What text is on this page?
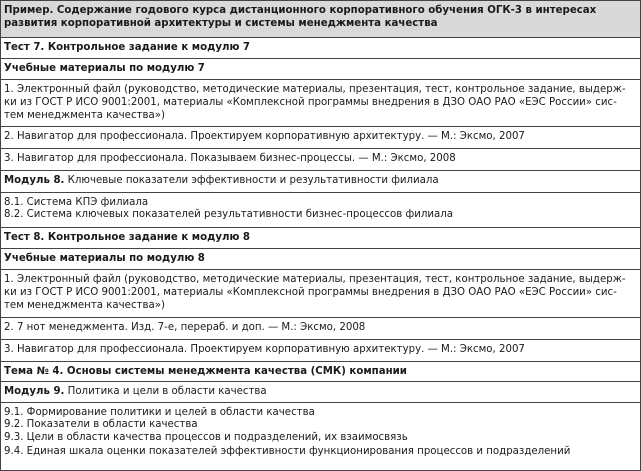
Пример. Содержание годового курса дистанционного корпоративного обучения ОГК-3 в интересах развития корпоративной архитектуры и системы менеджмента качества
Тест 7. Контрольное задание к модулю 7
Учебные материалы по модулю 7
1. Электронный файл (руководство, методические материалы, презентация, тест, контрольное задание, выдерж-ки из ГОСТ Р ИСО 9001:2001, материалы «Комплексной программы внедрения в ДЗО ОАО РАО «ЕЭС России» сис-тем менеджмента качества»)
2. Навигатор для профессионала. Проектируем корпоративную архитектуру. — М.: Эксмо, 2007
3. Навигатор для профессионала. Показываем бизнес-процессы. — М.: Эксмо, 2008
Модуль 8. Ключевые показатели эффективности и результативности филиала
8.1. Система КПЭ филиала
8.2. Система ключевых показателей результативности бизнес-процессов филиала
Тест 8. Контрольное задание к модулю 8
Учебные материалы по модулю 8
1. Электронный файл (руководство, методические материалы, презентация, тест, контрольное задание, выдерж-ки из ГОСТ Р ИСО 9001:2001, материалы «Комплексной программы внедрения в ДЗО ОАО РАО «ЕЭС России» сис-тем менеджмента качества»)
2. 7 нот менеджмента. Изд. 7-е, перераб. и доп. — М.: Эксмо, 2008
3. Навигатор для профессионала. Проектируем корпоративную архитектуру. — М.: Эксмо, 2007
Тема № 4. Основы системы менеджмента качества (СМК) компании
Модуль 9. Политика и цели в области качества
9.1. Формирование политики и целей в области качества
9.2. Показатели в области качества
9.3. Цели в области качества процессов и подразделений, их взаимосвязь
9.4. Единая шкала оценки показателей эффективности функционирования процессов и подразделений
